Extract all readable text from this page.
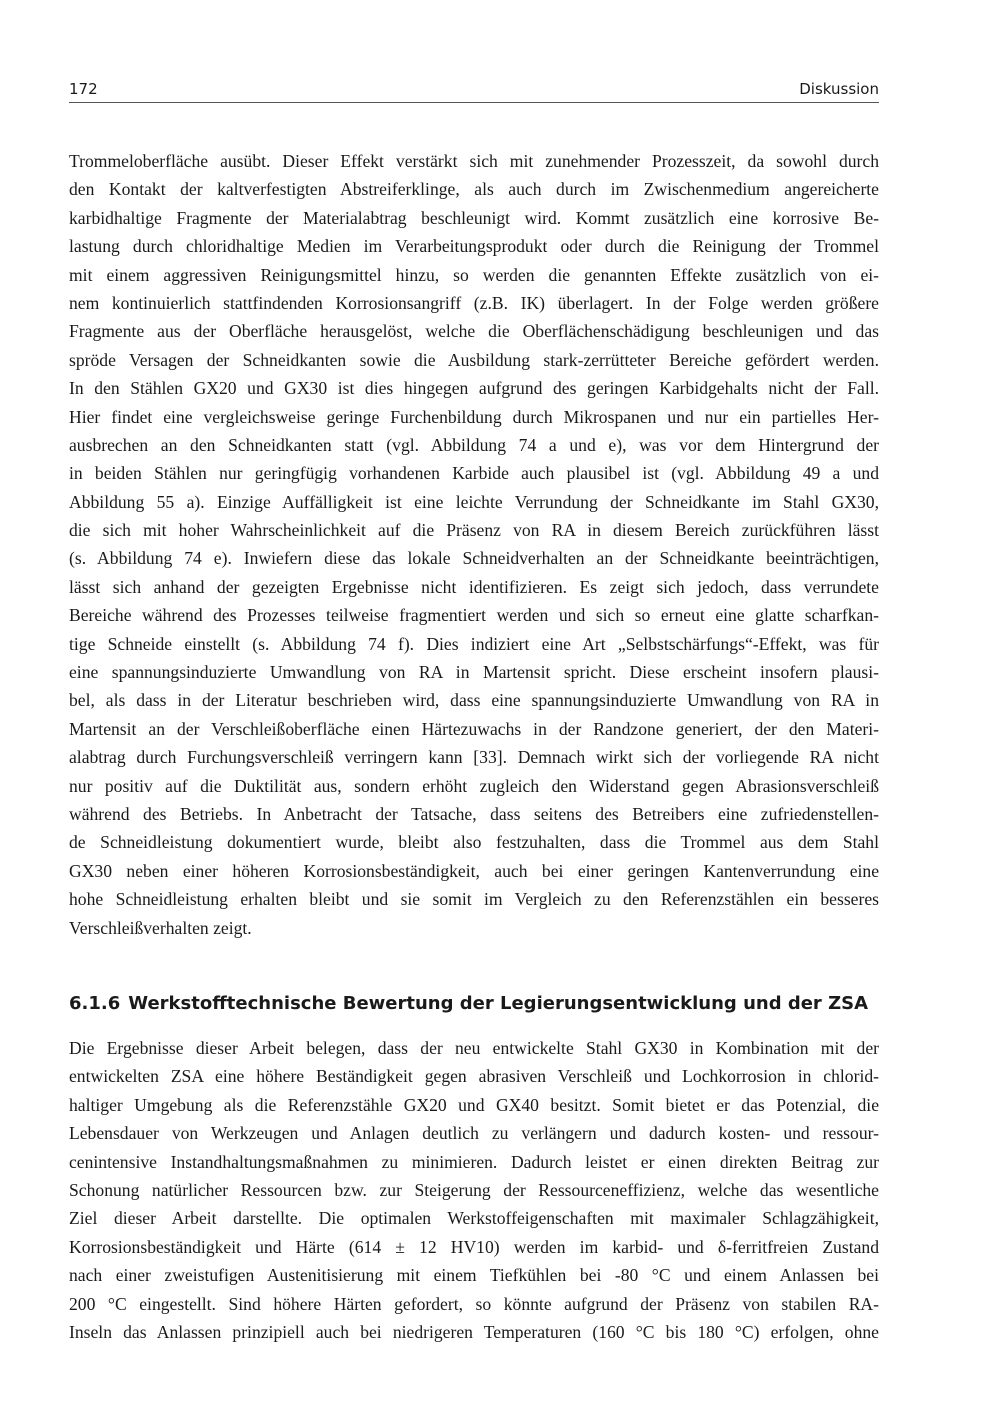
172	Diskussion
Trommeloberfläche ausübt. Dieser Effekt verstärkt sich mit zunehmender Prozesszeit, da sowohl durch
den Kontakt der kaltverfestigten Abstreiferklinge, als auch durch im Zwischenmedium angereicherte
karbidhaltige Fragmente der Materialabtrag beschleunigt wird. Kommt zusätzlich eine korrosive Be-
lastung durch chloridhaltige Medien im Verarbeitungsprodukt oder durch die Reinigung der Trommel
mit einem aggressiven Reinigungsmittel hinzu, so werden die genannten Effekte zusätzlich von ei-
nem kontinuierlich stattfindenden Korrosionsangriff (z.B. IK) überlagert. In der Folge werden größere
Fragmente aus der Oberfläche herausgelöst, welche die Oberflächenschädigung beschleunigen und das
spröde Versagen der Schneidkanten sowie die Ausbildung stark-zerrütteter Bereiche gefördert werden.
In den Stählen GX20 und GX30 ist dies hingegen aufgrund des geringen Karbidgehalts nicht der Fall.
Hier findet eine vergleichsweise geringe Furchenbildung durch Mikrospanen und nur ein partielles Her-
ausbrechen an den Schneidkanten statt (vgl. Abbildung 74 a und e), was vor dem Hintergrund der
in beiden Stählen nur geringfügig vorhandenen Karbide auch plausibel ist (vgl. Abbildung 49 a und
Abbildung 55 a). Einzige Auffälligkeit ist eine leichte Verrundung der Schneidkante im Stahl GX30,
die sich mit hoher Wahrscheinlichkeit auf die Präsenz von RA in diesem Bereich zurückführen lässt
(s. Abbildung 74 e). Inwiefern diese das lokale Schneidverhalten an der Schneidkante beeinträchtigen,
lässt sich anhand der gezeigten Ergebnisse nicht identifizieren. Es zeigt sich jedoch, dass verrundete
Bereiche während des Prozesses teilweise fragmentiert werden und sich so erneut eine glatte scharfkan-
tige Schneide einstellt (s. Abbildung 74 f). Dies indiziert eine Art „Selbstschärfungs“-Effekt, was für
eine spannungsinduzierte Umwandlung von RA in Martensit spricht. Diese erscheint insofern plausi-
bel, als dass in der Literatur beschrieben wird, dass eine spannungsinduzierte Umwandlung von RA in
Martensit an der Verschleißoberfläche einen Härtezuwachs in der Randzone generiert, der den Materi-
alabtrag durch Furchungsverschleiß verringern kann [33]. Demnach wirkt sich der vorliegende RA nicht
nur positiv auf die Duktilität aus, sondern erhöht zugleich den Widerstand gegen Abrasionsverschleiß
während des Betriebs. In Anbetracht der Tatsache, dass seitens des Betreibers eine zufriedenstellen-
de Schneidleistung dokumentiert wurde, bleibt also festzuhalten, dass die Trommel aus dem Stahl
GX30 neben einer höheren Korrosionsbeständigkeit, auch bei einer geringen Kantenverrundung eine
hohe Schneidleistung erhalten bleibt und sie somit im Vergleich zu den Referenzstählen ein besseres
Verschleißverhalten zeigt.
6.1.6 Werkstofftechnische Bewertung der Legierungsentwicklung und der ZSA
Die Ergebnisse dieser Arbeit belegen, dass der neu entwickelte Stahl GX30 in Kombination mit der
entwickelten ZSA eine höhere Beständigkeit gegen abrasiven Verschleiß und Lochkorrosion in chlorid-
haltiger Umgebung als die Referenzstähle GX20 und GX40 besitzt. Somit bietet er das Potenzial, die
Lebensdauer von Werkzeugen und Anlagen deutlich zu verlängern und dadurch kosten- und ressour-
cenintensive Instandhaltungsmaßnahmen zu minimieren. Dadurch leistet er einen direkten Beitrag zur
Schonung natürlicher Ressourcen bzw. zur Steigerung der Ressourceneffizienz, welche das wesentliche
Ziel dieser Arbeit darstellte. Die optimalen Werkstoffeigenschaften mit maximaler Schlagzähigkeit,
Korrosionsbeständigkeit und Härte (614 ± 12 HV10) werden im karbid- und δ-ferritfreien Zustand
nach einer zweistufigen Austenitisierung mit einem Tiefkühlen bei -80 °C und einem Anlassen bei
200 °C eingestellt. Sind höhere Härten gefordert, so könnte aufgrund der Präsenz von stabilen RA-
Inseln das Anlassen prinzipiell auch bei niedrigeren Temperaturen (160 °C bis 180 °C) erfolgen, ohne
